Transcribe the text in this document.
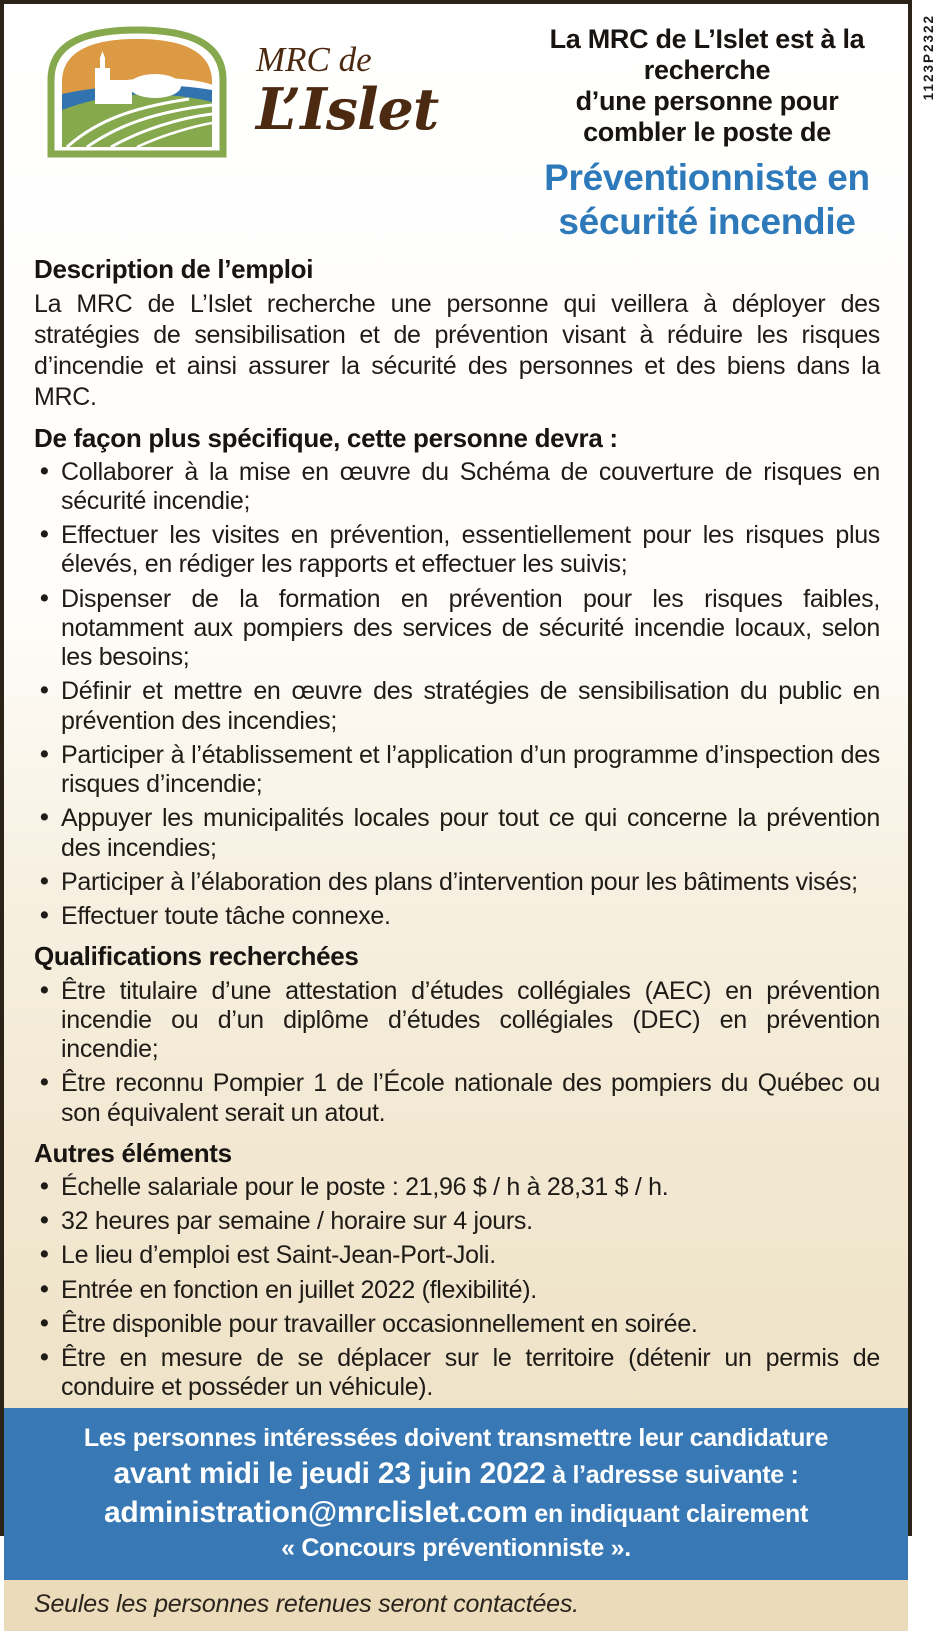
MRC de
L’Islet
La MRC de L’Islet est à la recherche
d’une personne pour combler le poste de
Préventionniste en
sécurité incendie
Description de l’emploi

La MRC de L’Islet recherche une personne qui veillera à déployer des stratégies de sensibilisation et de prévention visant à réduire les risques d’incendie et ainsi assurer la sécurité des personnes et des biens dans la MRC.

De façon plus spécifique, cette personne devra :
• Collaborer à la mise en œuvre du Schéma de couverture de risques en sécurité incendie;
• Effectuer les visites en prévention, essentiellement pour les risques plus élevés, en rédiger les rapports et effectuer les suivis;
• Dispenser de la formation en prévention pour les risques faibles, notamment aux pompiers des services de sécurité incendie locaux, selon les besoins;
• Définir et mettre en œuvre des stratégies de sensibilisation du public en prévention des incendies;
• Participer à l’établissement et l’application d’un programme d’inspection des risques d’incendie;
• Appuyer les municipalités locales pour tout ce qui concerne la prévention des incendies;
• Participer à l’élaboration des plans d’intervention pour les bâtiments visés;
• Effectuer toute tâche connexe.
Qualifications recherchées
• Être titulaire d’une attestation d’études collégiales (AEC) en prévention incendie ou d’un diplôme d’études collégiales (DEC) en prévention incendie;
• Être reconnu Pompier 1 de l’École nationale des pompiers du Québec ou son équivalent serait un atout.
Autres éléments
• Échelle salariale pour le poste : 21,96 $ / h à 28,31 $ / h.
• 32 heures par semaine / horaire sur 4 jours.
• Le lieu d’emploi est Saint-Jean-Port-Joli.
• Entrée en fonction en juillet 2022 (flexibilité).
• Être disponible pour travailler occasionnellement en soirée.
• Être en mesure de se déplacer sur le territoire (détenir un permis de conduire et posséder un véhicule).
Les personnes intéressées doivent transmettre leur candidature
avant midi le jeudi 23 juin 2022 à l’adresse suivante :
administration@mrclislet.com en indiquant clairement
« Concours préventionniste ».
Seules les personnes retenues seront contactées.
1123P2322
